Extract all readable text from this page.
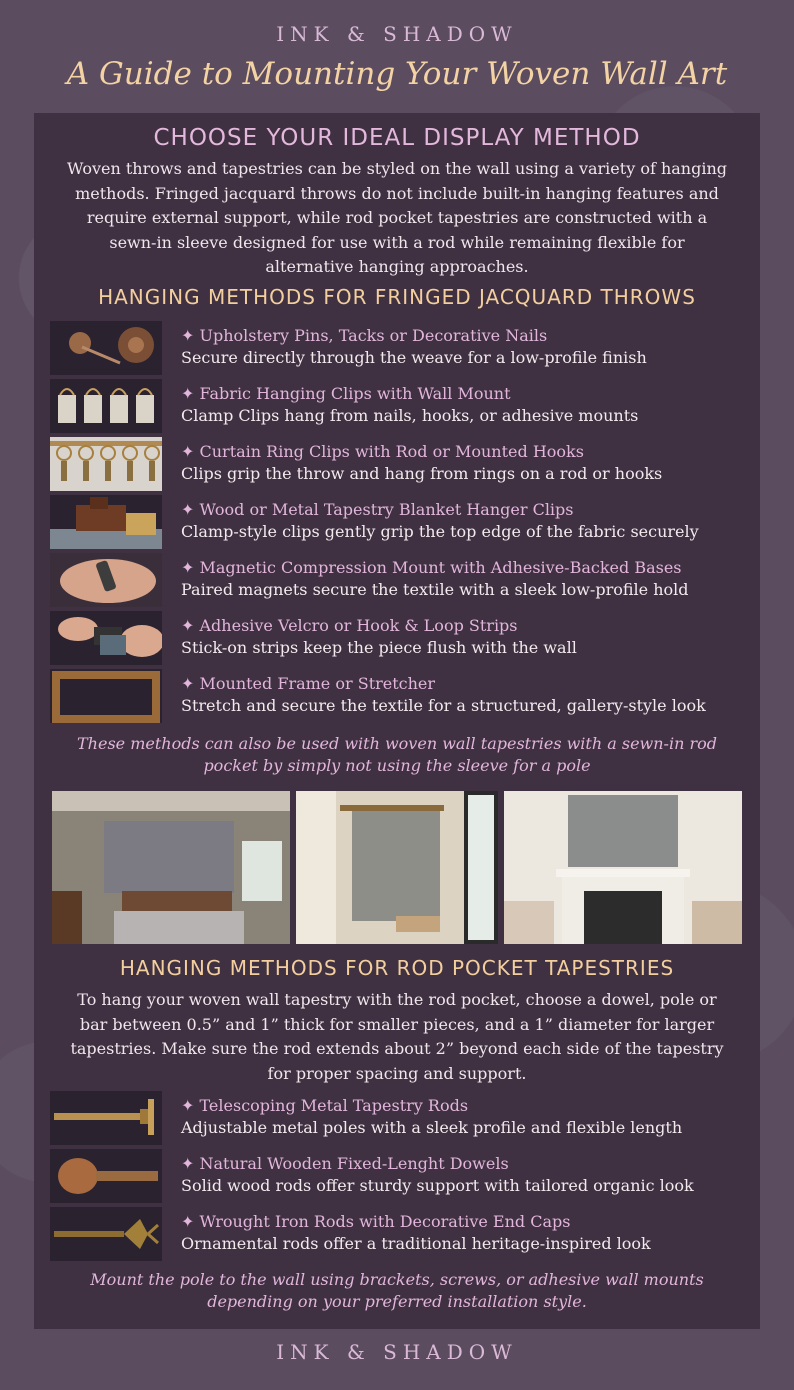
INK & SHADOW
A Guide to Mounting Your Woven Wall Art
CHOOSE YOUR IDEAL DISPLAY METHOD
Woven throws and tapestries can be styled on the wall using a variety of hanging methods. Fringed jacquard throws do not include built-in hanging features and require external support, while rod pocket tapestries are constructed with a sewn-in sleeve designed for use with a rod while remaining flexible for alternative hanging approaches.
HANGING METHODS FOR FRINGED JACQUARD THROWS
✦ Upholstery Pins, Tacks or Decorative Nails
Secure directly through the weave for a low-profile finish
✦ Fabric Hanging Clips with Wall Mount
Clamp Clips hang from nails, hooks, or adhesive mounts
✦ Curtain Ring Clips with Rod or Mounted Hooks
Clips grip the throw and hang from rings on a rod or hooks
✦ Wood or Metal Tapestry Blanket Hanger Clips
Clamp-style clips gently grip the top edge of the fabric securely
✦ Magnetic Compression Mount with Adhesive-Backed Bases
Paired magnets secure the textile with a sleek low-profile hold
✦ Adhesive Velcro or Hook & Loop Strips
Stick-on strips keep the piece flush with the wall
✦ Mounted Frame or Stretcher
Stretch and secure the textile for a structured, gallery-style look
These methods can also be used with woven wall tapestries with a sewn-in rod pocket by simply not using the sleeve for a pole
HANGING METHODS FOR ROD POCKET TAPESTRIES
To hang your woven wall tapestry with the rod pocket, choose a dowel, pole or bar between 0.5” and 1” thick for smaller pieces, and a 1” diameter for larger tapestries. Make sure the rod extends about 2” beyond each side of the tapestry for proper spacing and support.
✦ Telescoping Metal Tapestry Rods
Adjustable metal poles with a sleek profile and flexible length
✦ Natural Wooden Fixed-Lenght Dowels
Solid wood rods offer sturdy support with tailored organic look
✦ Wrought Iron Rods with Decorative End Caps
Ornamental rods offer a traditional heritage-inspired look
Mount the pole to the wall using brackets, screws, or adhesive wall mounts depending on your preferred installation style.
INK & SHADOW
